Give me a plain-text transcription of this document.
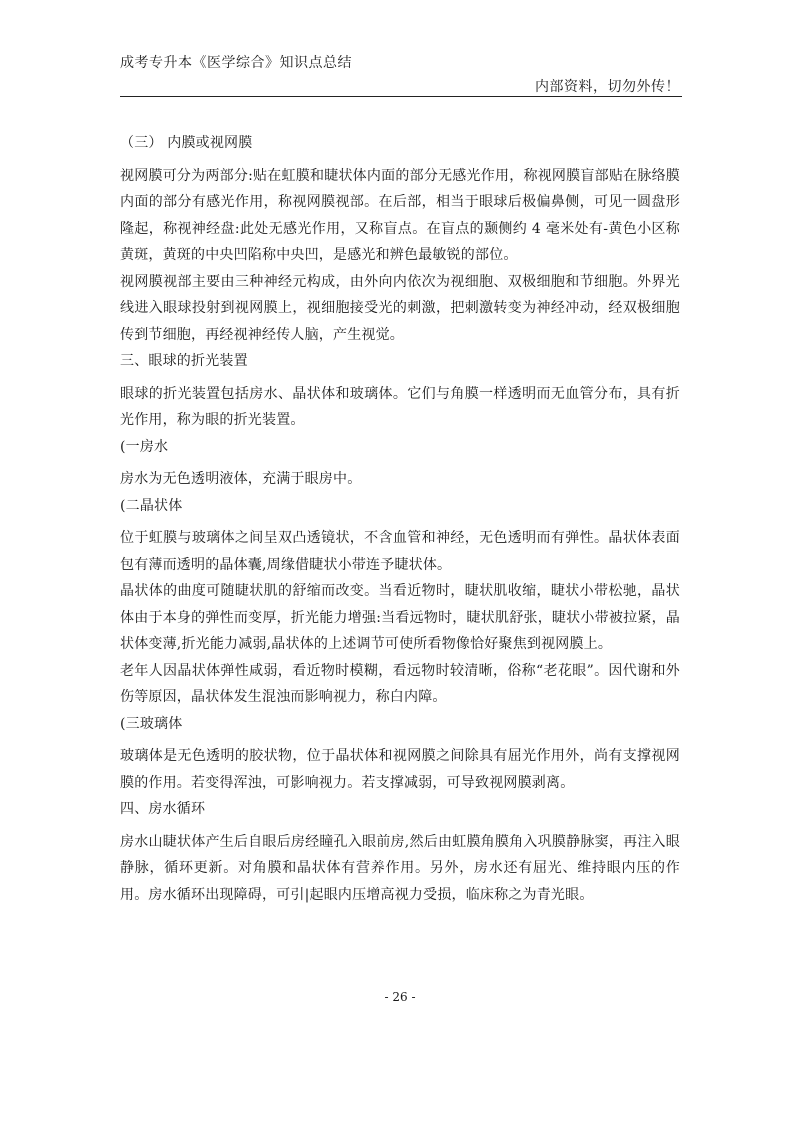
成考专升本《医学综合》知识点总结
内部资料，切勿外传！

（三） 内膜或视网膜

视网膜可分为两部分:贴在虹膜和睫状体内面的部分无感光作用，称视网膜盲部贴在脉络膜内面的部分有感光作用，称视网膜视部。在后部，相当于眼球后极偏鼻侧，可见一圆盘形隆起，称视神经盘:此处无感光作用，又称盲点。在盲点的颞侧约 4 毫米处有-黄色小区称黄斑，黄斑的中央凹陷称中央凹，是感光和辨色最敏锐的部位。

视网膜视部主要由三种神经元构成，由外向内依次为视细胞、双极细胞和节细胞。外界光线进入眼球投射到视网膜上，视细胞接受光的刺激，把刺激转变为神经冲动，经双极细胞传到节细胞，再经视神经传人脑，产生视觉。

三、眼球的折光装置

眼球的折光装置包括房水、晶状体和玻璃体。它们与角膜一样透明而无血管分布，具有折光作用，称为眼的折光装置。

(一房水

房水为无色透明液体，充满于眼房中。

(二晶状体

位于虹膜与玻璃体之间呈双凸透镜状，不含血管和神经，无色透明而有弹性。晶状体表面包有薄而透明的晶体囊,周缘借睫状小带连予睫状体。

晶状体的曲度可随睫状肌的舒缩而改变。当看近物时，睫状肌收缩，睫状小带松驰，晶状体由于本身的弹性而变厚，折光能力增强:当看远物时，睫状肌舒张，睫状小带被拉紧，晶状体变薄,折光能力减弱,晶状体的上述调节可使所看物像恰好聚焦到视网膜上。

老年人因晶状体弹性咸弱，看近物时模糊，看远物时较清晰，俗称“老花眼”。因代谢和外伤等原因，晶状体发生混浊而影响视力，称白内障。

(三玻璃体

玻璃体是无色透明的胶状物，位于晶状体和视网膜之间除具有屈光作用外，尚有支撑视网膜的作用。若变得浑浊，可影响视力。若支撑减弱，可导致视网膜剥离。

四、房水循环

房水山睫状体产生后自眼后房经瞳孔入眼前房,然后由虹膜角膜角入巩膜静脉窦，再注入眼静脉，循环更新。对角膜和晶状体有营养作用。另外，房水还有屈光、维持眼内压的作用。房水循环出现障碍，可引|起眼内压增高视力受损，临床称之为青光眼。

- 26 -
